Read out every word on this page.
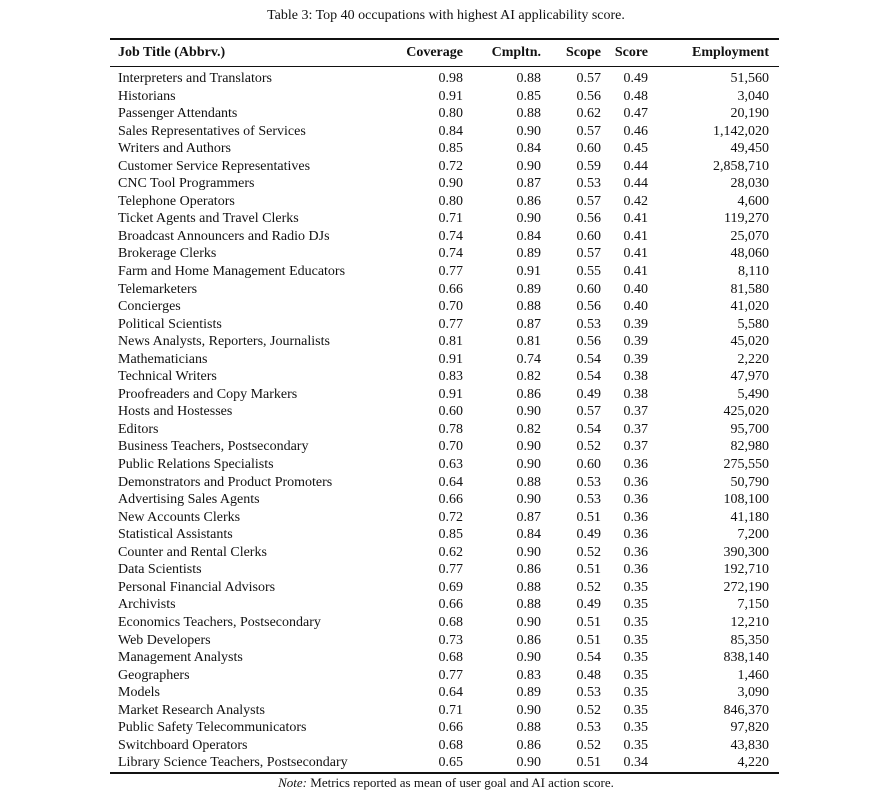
Table 3: Top 40 occupations with highest AI applicability score.
Job Title (Abbrv.)	Coverage	Cmpltn.	Scope	Score	Employment

Interpreters and Translators	0.98	0.88	0.57	0.49	51,560
Historians	0.91	0.85	0.56	0.48	3,040
Passenger Attendants	0.80	0.88	0.62	0.47	20,190
Sales Representatives of Services	0.84	0.90	0.57	0.46	1,142,020
Writers and Authors	0.85	0.84	0.60	0.45	49,450
Customer Service Representatives	0.72	0.90	0.59	0.44	2,858,710
CNC Tool Programmers	0.90	0.87	0.53	0.44	28,030
Telephone Operators	0.80	0.86	0.57	0.42	4,600
Ticket Agents and Travel Clerks	0.71	0.90	0.56	0.41	119,270
Broadcast Announcers and Radio DJs	0.74	0.84	0.60	0.41	25,070
Brokerage Clerks	0.74	0.89	0.57	0.41	48,060
Farm and Home Management Educators	0.77	0.91	0.55	0.41	8,110
Telemarketers	0.66	0.89	0.60	0.40	81,580
Concierges	0.70	0.88	0.56	0.40	41,020
Political Scientists	0.77	0.87	0.53	0.39	5,580
News Analysts, Reporters, Journalists	0.81	0.81	0.56	0.39	45,020
Mathematicians	0.91	0.74	0.54	0.39	2,220
Technical Writers	0.83	0.82	0.54	0.38	47,970
Proofreaders and Copy Markers	0.91	0.86	0.49	0.38	5,490
Hosts and Hostesses	0.60	0.90	0.57	0.37	425,020
Editors	0.78	0.82	0.54	0.37	95,700
Business Teachers, Postsecondary	0.70	0.90	0.52	0.37	82,980
Public Relations Specialists	0.63	0.90	0.60	0.36	275,550
Demonstrators and Product Promoters	0.64	0.88	0.53	0.36	50,790
Advertising Sales Agents	0.66	0.90	0.53	0.36	108,100
New Accounts Clerks	0.72	0.87	0.51	0.36	41,180
Statistical Assistants	0.85	0.84	0.49	0.36	7,200
Counter and Rental Clerks	0.62	0.90	0.52	0.36	390,300
Data Scientists	0.77	0.86	0.51	0.36	192,710
Personal Financial Advisors	0.69	0.88	0.52	0.35	272,190
Archivists	0.66	0.88	0.49	0.35	7,150
Economics Teachers, Postsecondary	0.68	0.90	0.51	0.35	12,210
Web Developers	0.73	0.86	0.51	0.35	85,350
Management Analysts	0.68	0.90	0.54	0.35	838,140
Geographers	0.77	0.83	0.48	0.35	1,460
Models	0.64	0.89	0.53	0.35	3,090
Market Research Analysts	0.71	0.90	0.52	0.35	846,370
Public Safety Telecommunicators	0.66	0.88	0.53	0.35	97,820
Switchboard Operators	0.68	0.86	0.52	0.35	43,830
Library Science Teachers, Postsecondary	0.65	0.90	0.51	0.34	4,220
Note: Metrics reported as mean of user goal and AI action score.
